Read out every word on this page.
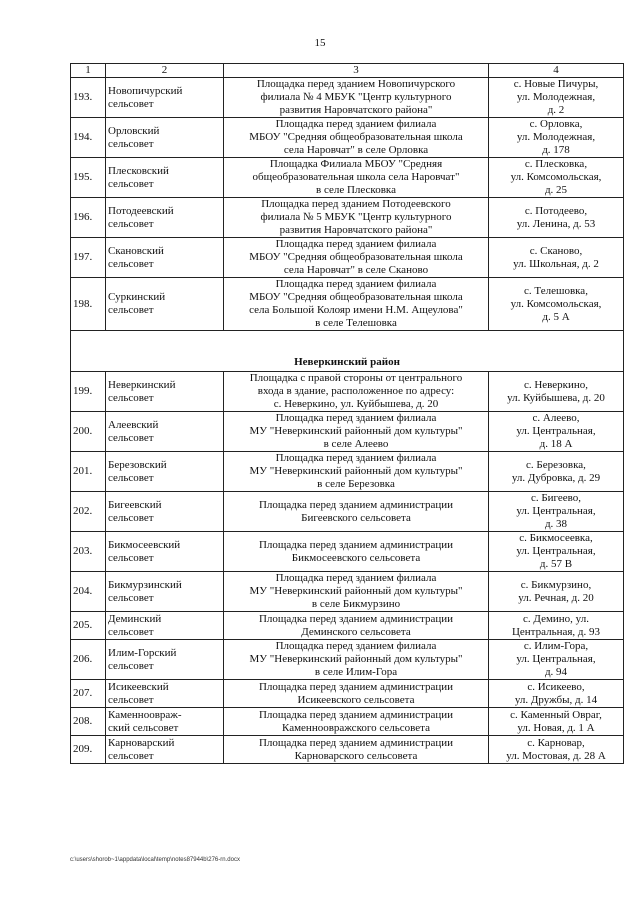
15
1	2	3	4
193.	Новопичурский
сельсовет	Площадка перед зданием Новопичурского
филиала № 4 МБУК "Центр культурного
развития Наровчатского района"	с. Новые Пичуры,
ул. Молодежная,
д. 2
194.	Орловский
сельсовет	Площадка перед зданием филиала
МБОУ "Средняя общеобразовательная школа
села Наровчат" в селе Орловка	с. Орловка,
ул. Молодежная,
д. 178
195.	Плесковский
сельсовет	Площадка Филиала МБОУ "Средняя
общеобразовательная школа села Наровчат"
в селе Плесковка	с. Плесковка,
ул. Комсомольская,
д. 25
196.	Потодеевский
сельсовет	Площадка перед зданием Потодеевского
филиала № 5 МБУК "Центр культурного
развития Наровчатского района"	с. Потодеево,
ул. Ленина, д. 53
197.	Скановский
сельсовет	Площадка перед зданием филиала
МБОУ "Средняя общеобразовательная школа
села Наровчат" в селе Сканово	с. Сканово,
ул. Школьная, д. 2
198.	Суркинский
сельсовет	Площадка перед зданием филиала
МБОУ "Средняя общеобразовательная школа
села Большой Колояр имени Н.М. Ащеулова"
в селе Телешовка	с. Телешовка,
ул. Комсомольская,
д. 5 А
Неверкинский район			
199.	Неверкинский
сельсовет	Площадка с правой стороны от центрального
входа в здание, расположенное по адресу:
с. Неверкино, ул. Куйбышева, д. 20	с. Неверкино,
ул. Куйбышева, д. 20
200.	Алеевский
сельсовет	Площадка перед зданием филиала
МУ "Неверкинский районный дом культуры"
в селе Алеево	с. Алеево,
ул. Центральная,
д. 18 А
201.	Березовский
сельсовет	Площадка перед зданием филиала
МУ "Неверкинский районный дом культуры"
в селе Березовка	с. Березовка,
ул. Дубровка, д. 29
202.	Бигеевский
сельсовет	Площадка перед зданием администрации
Бигеевского сельсовета	с. Бигеево,
ул. Центральная,
д. 38
203.	Бикмосеевский
сельсовет	Площадка перед зданием администрации
Бикмосеевского сельсовета	с. Бикмосеевка,
ул. Центральная,
д. 57 В
204.	Бикмурзинский
сельсовет	Площадка перед зданием филиала
МУ "Неверкинский районный дом культуры"
в селе Бикмурзино	с. Бикмурзино,
ул. Речная, д. 20
205.	Деминский
сельсовет	Площадка перед зданием администрации
Деминского сельсовета	с. Демино, ул.
Центральная, д. 93
206.	Илим-Горский
сельсовет	Площадка перед зданием филиала
МУ "Неверкинский районный дом культуры"
в селе Илим-Гора	с. Илим-Гора,
ул. Центральная,
д. 94
207.	Исикеевский
сельсовет	Площадка перед зданием администрации
Исикеевского сельсовета	с. Исикеево,
ул. Дружбы, д. 14
208.	Каменноовраж-
ский сельсовет	Площадка перед зданием администрации
Каменноовражского сельсовета	с. Каменный Овраг,
ул. Новая, д. 1 А
209.	Карноварский
сельсовет	Площадка перед зданием администрации
Карноварского сельсовета	с. Карновар,
ул. Мостовая, д. 28 А
c:\users\shorob~1\appdata\local\temp\notes87944b\276-rn.docx
